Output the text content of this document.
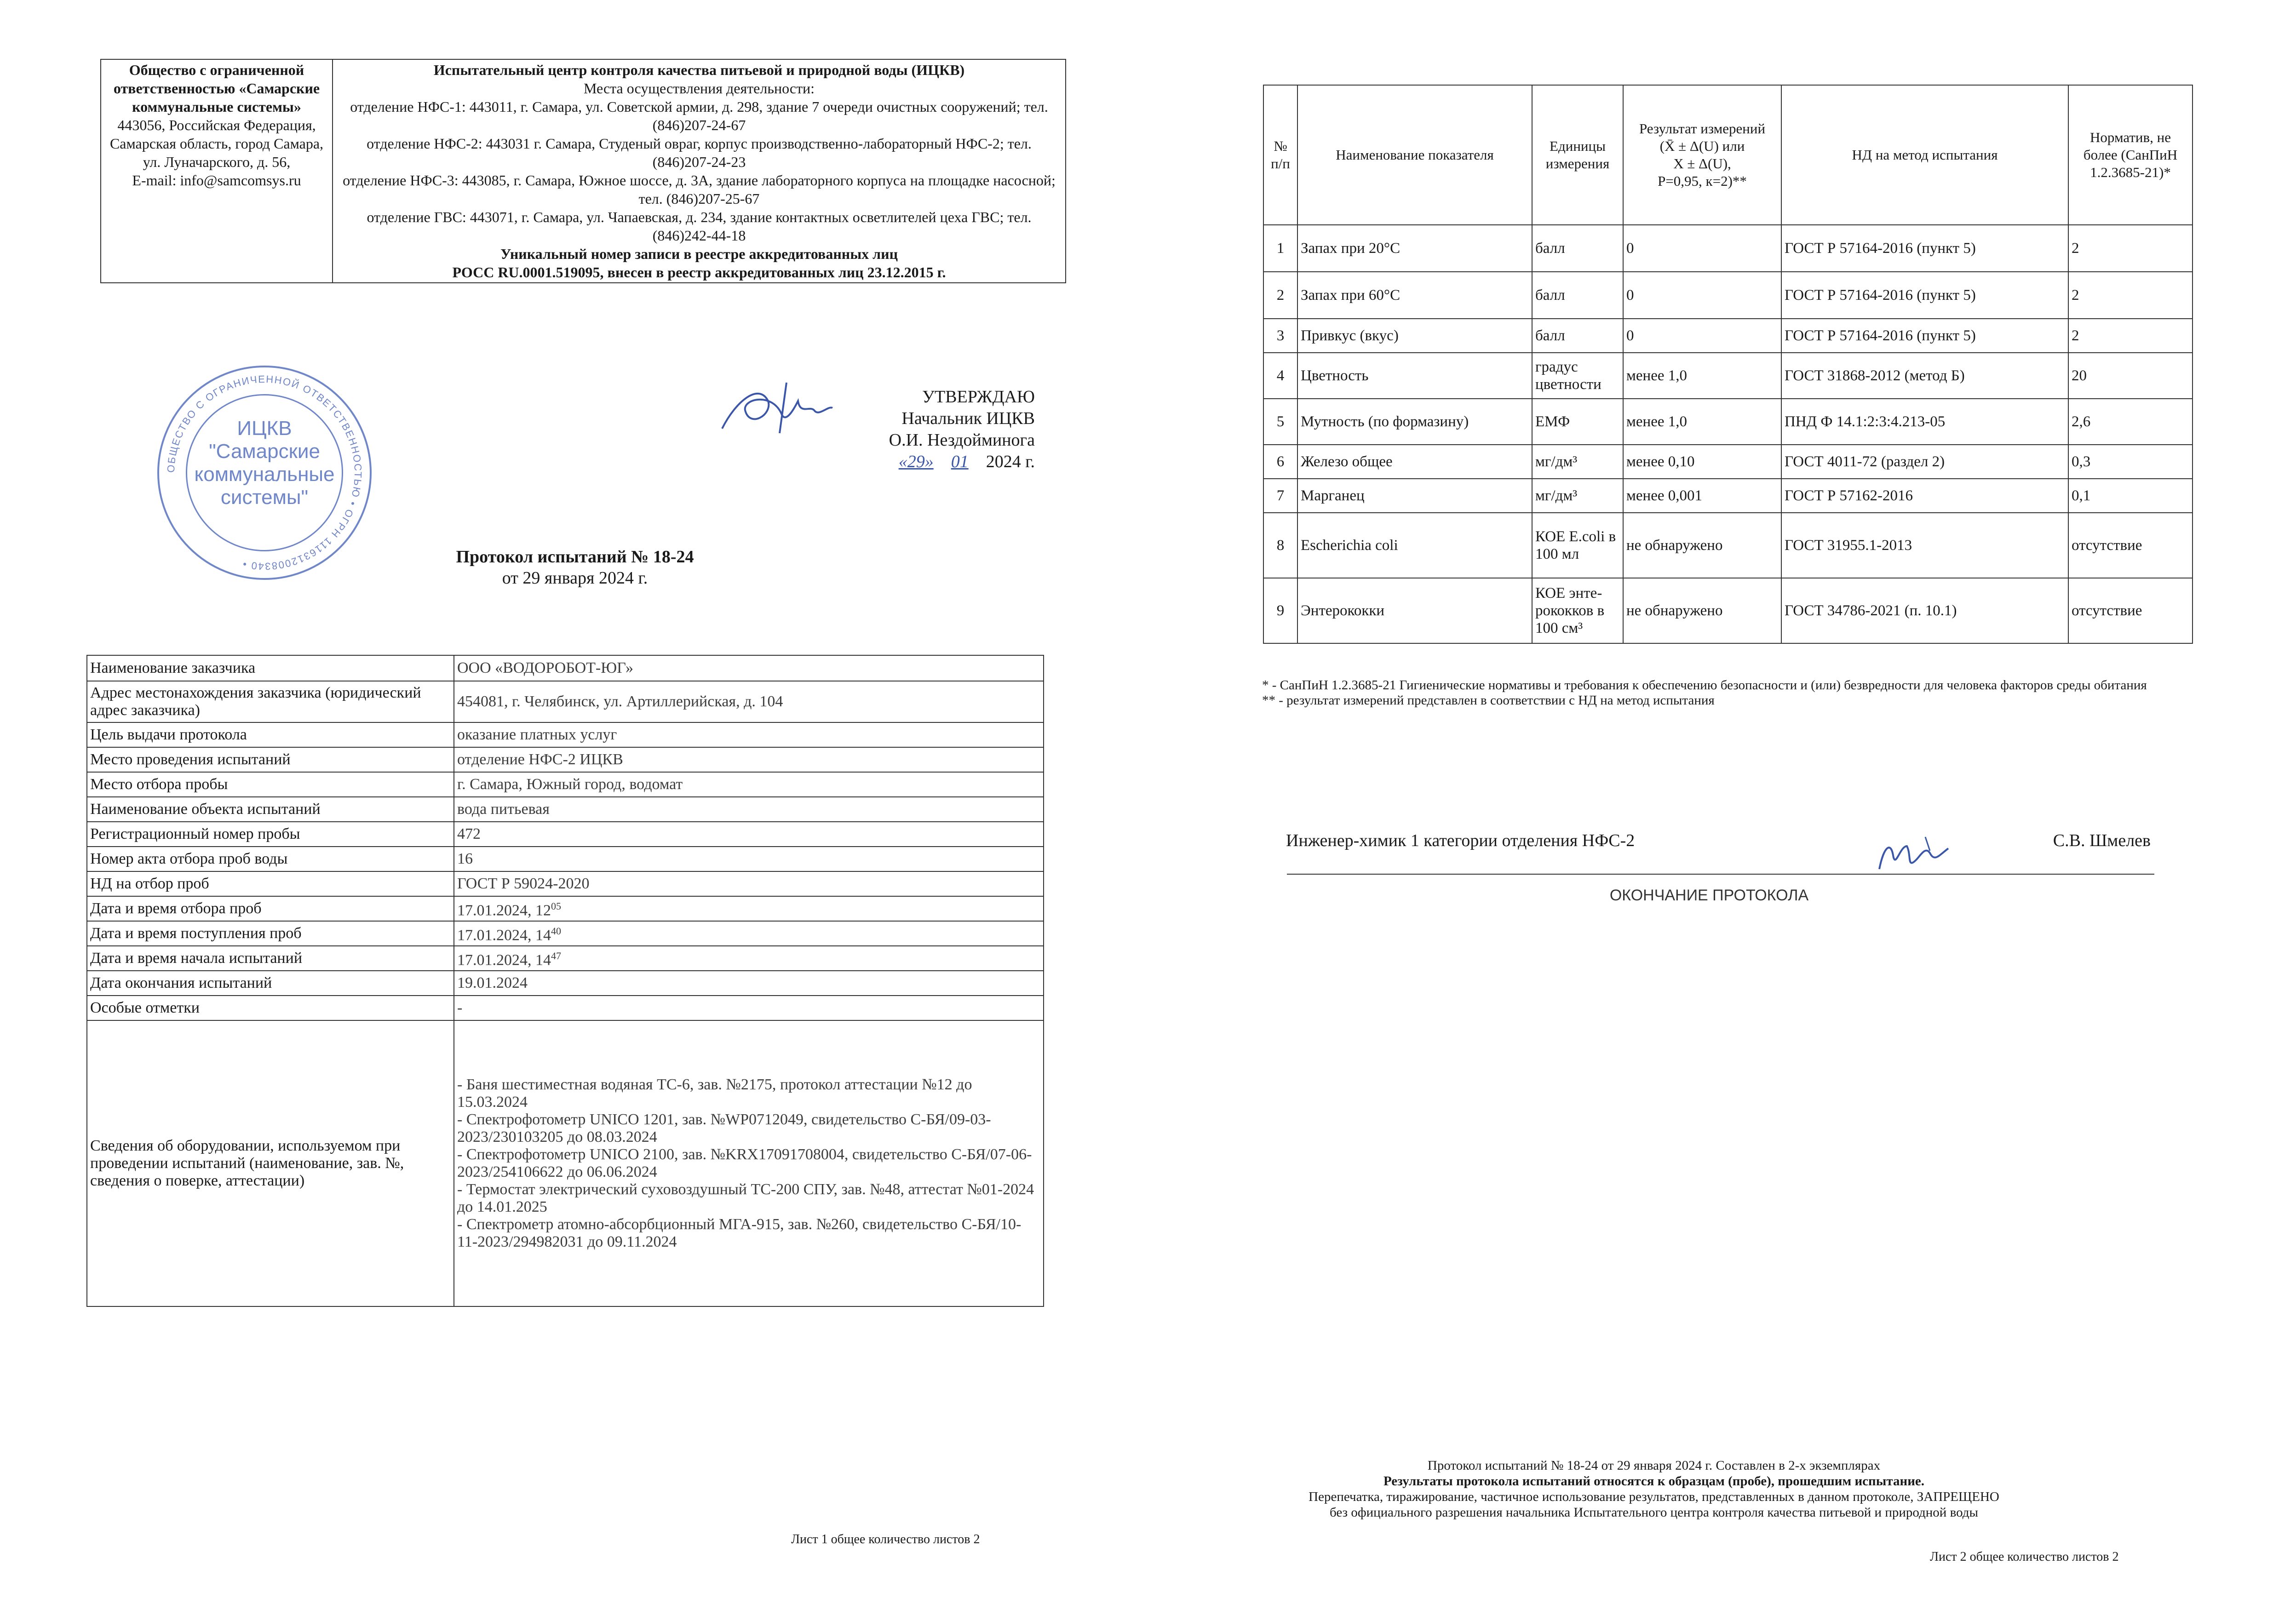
Общество с ограниченной ответственностью «Самарские коммунальные системы»
443056, Российская Федерация, Самарская область, город Самара, ул. Луначарского, д. 56,
E-mail: info@samcomsys.ru

Испытательный центр контроля качества питьевой и природной воды (ИЦКВ)
Места осуществления деятельности:
отделение НФС-1: 443011, г. Самара, ул. Советской армии, д. 298, здание 7 очереди очистных сооружений; тел. (846)207-24-67
отделение НФС-2: 443031 г. Самара, Студеный овраг, корпус производственно-лабораторный НФС-2; тел. (846)207-24-23
отделение НФС-3: 443085, г. Самара, Южное шоссе, д. 3А, здание лабораторного корпуса на площадке насосной; тел. (846)207-25-67
отделение ГВС: 443071, г. Самара, ул. Чапаевская, д. 234, здание контактных осветлителей цеха ГВС; тел. (846)242-44-18
Уникальный номер записи в реестре аккредитованных лиц
РОСС RU.0001.519095, внесен в реестр аккредитованных лиц 23.12.2015 г.
ОБЩЕСТВО С ОГРАНИЧЕННОЙ ОТВЕТСТВЕННОСТЬЮ • ОГРН 1116312008340 •
ИЦКВ
"Самарские
коммунальные
системы"
УТВЕРЖДАЮ
Начальник ИЦКВ
О.И. Нездойминога
«29» 01 2024 г.
Протокол испытаний № 18-24
от 29 января 2024 г.
Наименование заказчика	ООО «ВОДОРОБОТ-ЮГ»
Адрес местонахождения заказчика (юридический адрес заказчика)	454081, г. Челябинск, ул. Артиллерийская, д. 104
Цель выдачи протокола	оказание платных услуг
Место проведения испытаний	отделение НФС-2 ИЦКВ
Место отбора пробы	г. Самара, Южный город, водомат
Наименование объекта испытаний	вода питьевая
Регистрационный номер пробы	472
Номер акта отбора проб воды	16
НД на отбор проб	ГОСТ Р 59024-2020
Дата и время отбора проб	17.01.2024, $12^{05}$
Дата и время поступления проб	17.01.2024, $14^{40}$
Дата и время начала испытаний	17.01.2024, $14^{47}$
Дата окончания испытаний	19.01.2024
Особые отметки	-
Сведения об оборудовании, используемом при проведении испытаний (наименование, зав. №, сведения о поверке, аттестации)	- Баня шестиместная водяная ТС-6, зав. №2175, протокол аттестации №12 до 15.03.2024
- Спектрофотометр UNICO 1201, зав. №WP0712049, свидетельство С-БЯ/09-03-2023/230103205 до 08.03.2024
- Спектрофотометр UNICO 2100, зав. №KRX17091708004, свидетельство С-БЯ/07-06-2023/254106622 до 06.06.2024
- Термостат электрический суховоздушный ТС-200 СПУ, зав. №48, аттестат №01-2024 до 14.01.2025
- Спектрометр атомно-абсорбционный МГА-915, зав. №260, свидетельство С-БЯ/10-11-2023/294982031 до 09.11.2024
Лист 1 общее количество листов 2
№ п/п	Наименование показателя	Единицы измерения	Результат измерений
(X̄ ± Δ(U) или
X ± Δ(U),
P=0,95, к=2)**	НД на метод испытания	Норматив, не более (СанПиН 1.2.3685-21)*
1	Запах при 20°С	балл	0	ГОСТ Р 57164-2016 (пункт 5)	2
2	Запах при 60°С	балл	0	ГОСТ Р 57164-2016 (пункт 5)	2
3	Привкус (вкус)	балл	0	ГОСТ Р 57164-2016 (пункт 5)	2
4	Цветность	градус цветности	менее 1,0	ГОСТ 31868-2012 (метод Б)	20
5	Мутность (по формазину)	ЕМФ	менее 1,0	ПНД Ф 14.1:2:3:4.213-05	2,6
6	Железо общее	мг/дм³	менее 0,10	ГОСТ 4011-72 (раздел 2)	0,3
7	Марганец	мг/дм³	менее 0,001	ГОСТ Р 57162-2016	0,1
8	Escherichia coli	КОЕ E.coli в 100 мл	не обнаружено	ГОСТ 31955.1-2013	отсутствие
9	Энтерококки	КОЕ энте-рококков в 100 см³	не обнаружено	ГОСТ 34786-2021 (п. 10.1)	отсутствие
* - СанПиН 1.2.3685-21 Гигиенические нормативы и требования к обеспечению безопасности и (или) безвредности для человека факторов среды обитания
** - результат измерений представлен в соответствии с НД на метод испытания
Инженер-химик 1 категории отделения НФС-2	С.В. Шмелев
ОКОНЧАНИЕ ПРОТОКОЛА
Протокол испытаний № 18-24 от 29 января 2024 г. Составлен в 2-х экземплярах
Результаты протокола испытаний относятся к образцам (пробе), прошедшим испытание.
Перепечатка, тиражирование, частичное использование результатов, представленных в данном протоколе, ЗАПРЕЩЕНО
без официального разрешения начальника Испытательного центра контроля качества питьевой и природной воды
Лист 2 общее количество листов 2
